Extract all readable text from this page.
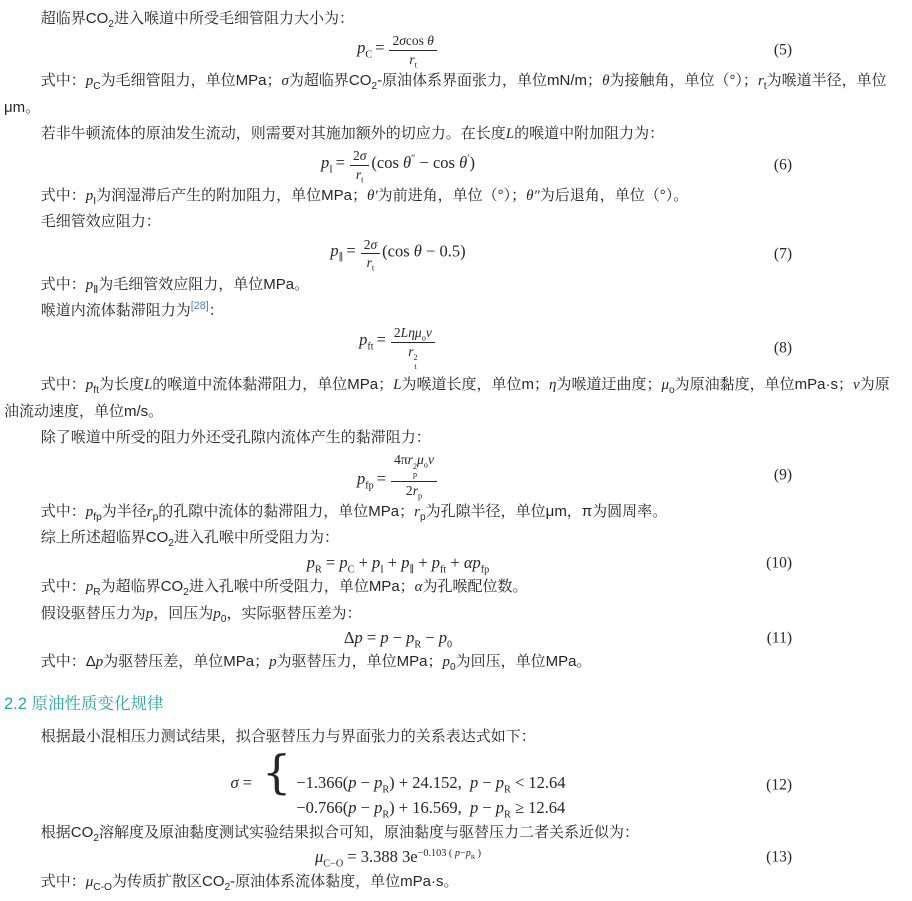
超临界$CO_2$进入喉道中所受毛细管阻力大小为：

$p_C = \frac{\text{2σcos θ}}{r_t}$	(5)

式中：$p_C$为毛细管阻力，单位MPa；σ为超临界$CO_2-$原油体系界面张力，单位mN/m；θ为接触角，单位（°）；$r_t$为喉道半径，单位μm。

若非牛顿流体的原油发生流动，则需要对其施加额外的切应力。在长度L的喉道中附加阻力为：

$p_I = \frac{2\sigma}{r_t} (\cos$ θ″ − cos θ′)	(6)

式中：$p_I$为润湿滞后产生的附加阻力，单位MPa；θ′为前进角，单位（°）；θ″为后退角，单位（°）。

毛细管效应阻力：

$p_\parallel = \frac{2\sigma}{r_t} (\cos$ θ − 0.5)	(7)

式中：$p_Ⅱ$为毛细管效应阻力，单位MPa。

喉道内流体黏滞阻力为[28]：

$p_{ft} = 2L\eta\mu_ov$
r 2
t	(8)

式中：$p_{ft}$为长度L的喉道中流体黏滞阻力，单位MPa；L为喉道长度，单位m；η为喉道迂曲度；$\mu_o$为原油黏度，单位mPa·s；v为原油流动速度，单位m/s。

除了喉道中所受的阻力外还受孔隙内流体产生的黏滞阻力：

$p_{fp} = 4\pi r$ 2
p
$\mu_ov$
$2r_p$	(9)

式中：$p_{fp}$为半径$r_p$的孔隙中流体的黏滞阻力，单位MPa；$r_p$为孔隙半径，单位μm，π为圆周率。

综上所述超临界$CO_2$进入孔喉中所受阻力为：

$p_R = p_C + p_I + p_\parallel + p_{ft} + \alpha p_{fp}$	(10)

式中：$p_R$为超临界$CO_2$进入孔喉中所受阻力，单位MPa；α为孔喉配位数。

假设驱替压力为p，回压为$p_0$，实际驱替压差为：

$\Delta p = p - p_R - p_0$	(11)

式中：Δp为驱替压差，单位MPa；p为驱替压力，单位MPa；$p_0$为回压，单位MPa。

2.2 原油性质变化规律

根据最小混相压力测试结果，拟合驱替压力与界面张力的关系表达式如下：

σ = { $-1.366(p - p_R) + 24.152$, $p - p_R < 12.64$
$-0.766(p - p_R) + 16.569$, $p - p_R \ge 12.64$
(12)

根据$CO_2$溶解度及原油黏度测试实验结果拟合可知，原油黏度与驱替压力二者关系近似为：

$\mu_{C-O} = 3.388$ $3e^{-0.103 ( p-p_R )}$	(13)

式中：$\mu_{C-O}$为传质扩散区$CO_2-$原油体系流体黏度，单位mPa·s。
